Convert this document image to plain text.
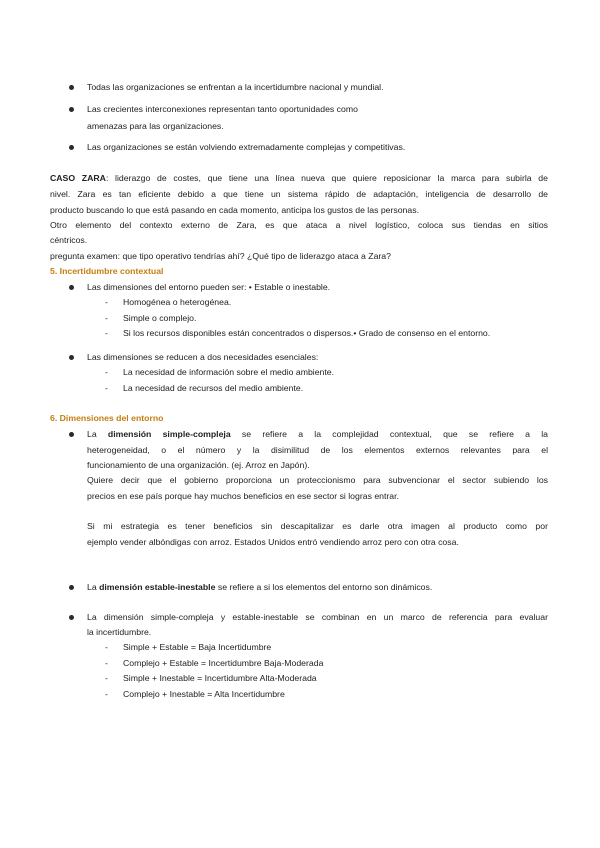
Todas las organizaciones se enfrentan a la incertidumbre nacional y mundial.
Las crecientes interconexiones representan tanto oportunidades como
amenazas para las organizaciones.
Las organizaciones se están volviendo extremadamente complejas y competitivas.
CASO ZARA: liderazgo de costes, que tiene una línea nueva que quiere reposicionar la marca para subirla de
nivel. Zara es tan eficiente debido a que tiene un sistema rápido de adaptación, inteligencia de desarrollo de
producto buscando lo que está pasando en cada momento, anticipa los gustos de las personas.
Otro elemento del contexto externo de Zara, es que ataca a nivel logístico, coloca sus tiendas en sitios
céntricos.
pregunta examen: que tipo operativo tendrías ahí? ¿Qué tipo de liderazgo ataca a Zara?
5. Incertidumbre contextual
Las dimensiones del entorno pueden ser: • Estable o inestable.
- Homogénea o heterogénea.
- Simple o complejo.
- Si los recursos disponibles están concentrados o dispersos.• Grado de consenso en el entorno.
Las dimensiones se reducen a dos necesidades esenciales:
- La necesidad de información sobre el medio ambiente.
- La necesidad de recursos del medio ambiente.
6. Dimensiones del entorno
La dimensión simple-compleja se refiere a la complejidad contextual, que se refiere a la
heterogeneidad, o el número y la disimilitud de los elementos externos relevantes para el
funcionamiento de una organización. (ej. Arroz en Japón).
Quiere decir que el gobierno proporciona un proteccionismo para subvencionar el sector subiendo los
precios en ese país porque hay muchos beneficios en ese sector si logras entrar.
Si mi estrategia es tener beneficios sin descapitalizar es darle otra imagen al producto como por
ejemplo vender albóndigas con arroz. Estados Unidos entró vendiendo arroz pero con otra cosa.
La dimensión estable-inestable se refiere a si los elementos del entorno son dinámicos.
La dimensión simple-compleja y estable-inestable se combinan en un marco de referencia para evaluar
la incertidumbre.
- Simple + Estable = Baja Incertidumbre
- Complejo + Estable = Incertidumbre Baja-Moderada
- Simple + Inestable = Incertidumbre Alta-Moderada
- Complejo + Inestable = Alta Incertidumbre
